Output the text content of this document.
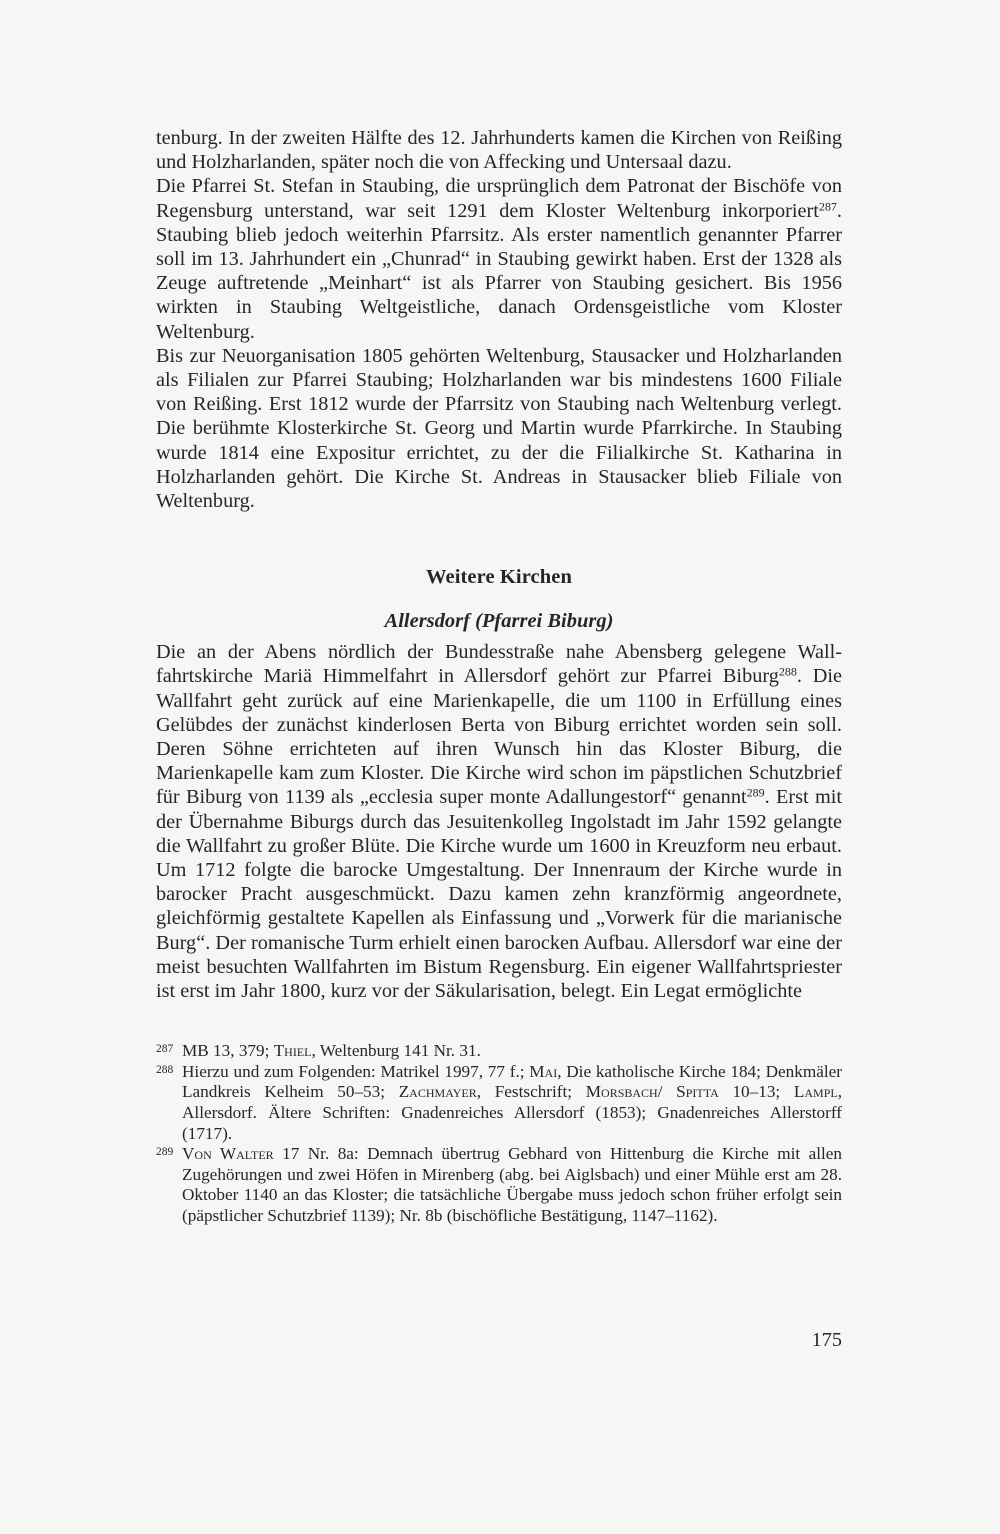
tenburg. In der zweiten Hälfte des 12. Jahrhunderts kamen die Kirchen von Reißing und Holzharlanden, später noch die von Affecking und Untersaal dazu.

Die Pfarrei St. Stefan in Staubing, die ursprünglich dem Patronat der Bischöfe von Regensburg unterstand, war seit 1291 dem Kloster Weltenburg inkorporiert$^{287}$. Staubing blieb jedoch weiterhin Pfarrsitz. Als erster namentlich genannter Pfarrer soll im 13. Jahrhundert ein „Chunrad“ in Staubing gewirkt haben. Erst der 1328 als Zeuge auftretende „Meinhart“ ist als Pfarrer von Staubing gesichert. Bis 1956 wirkten in Staubing Weltgeistliche, danach Ordensgeistliche vom Kloster Weltenburg.

Bis zur Neuorganisation 1805 gehörten Weltenburg, Stausacker und Holzharlanden als Filialen zur Pfarrei Staubing; Holzharlanden war bis mindestens 1600 Filiale von Reißing. Erst 1812 wurde der Pfarrsitz von Staubing nach Weltenburg verlegt. Die berühmte Klosterkirche St. Georg und Martin wurde Pfarrkirche. In Staubing wurde 1814 eine Expositur errichtet, zu der die Filialkirche St. Katharina in Holzharlanden gehört. Die Kirche St. Andreas in Stausacker blieb Filiale von Weltenburg.

Weitere Kirchen
Allersdorf (Pfarrei Biburg)

Die an der Abens nördlich der Bundesstraße nahe Abensberg gelegene Wallfahrtskirche Mariä Himmelfahrt in Allersdorf gehört zur Pfarrei Biburg$^{288}$. Die Wallfahrt geht zurück auf eine Marienkapelle, die um 1100 in Erfüllung eines Gelübdes der zunächst kinderlosen Berta von Biburg errichtet worden sein soll. Deren Söhne errichteten auf ihren Wunsch hin das Kloster Biburg, die Marienkapelle kam zum Kloster. Die Kirche wird schon im päpstlichen Schutzbrief für Biburg von 1139 als „ecclesia super monte Adallungestorf“ genannt$^{289}$. Erst mit der Übernahme Biburgs durch das Jesuitenkolleg Ingolstadt im Jahr 1592 gelangte die Wallfahrt zu großer Blüte. Die Kirche wurde um 1600 in Kreuzform neu erbaut. Um 1712 folgte die barocke Umgestaltung. Der Innenraum der Kirche wurde in barocker Pracht ausgeschmückt. Dazu kamen zehn kranzförmig angeordnete, gleichförmig gestaltete Kapellen als Einfassung und „Vorwerk für die marianische Burg“. Der romanische Turm erhielt einen barocken Aufbau. Allersdorf war eine der meist besuchten Wallfahrten im Bistum Regensburg. Ein eigener Wallfahrtspriester ist erst im Jahr 1800, kurz vor der Säkularisation, belegt. Ein Legat ermöglichte

287 MB 13, 379; Thiel, Weltenburg 141 Nr. 31.

288 Hierzu und zum Folgenden: Matrikel 1997, 77 f.; Mai, Die katholische Kirche 184; Denkmäler Landkreis Kelheim 50–53; Zachmayer, Festschrift; Morsbach/ Spitta 10–13; Lampl, Allersdorf. Ältere Schriften: Gnadenreiches Allersdorf (1853); Gnadenreiches Allerstorff (1717).

289 Von Walter 17 Nr. 8a: Demnach übertrug Gebhard von Hittenburg die Kirche mit allen Zugehörungen und zwei Höfen in Mirenberg (abg. bei Aiglsbach) und einer Mühle erst am 28. Oktober 1140 an das Kloster; die tatsächliche Übergabe muss jedoch schon früher erfolgt sein (päpstlicher Schutzbrief 1139); Nr. 8b (bischöfliche Bestätigung, 1147–1162).

175
